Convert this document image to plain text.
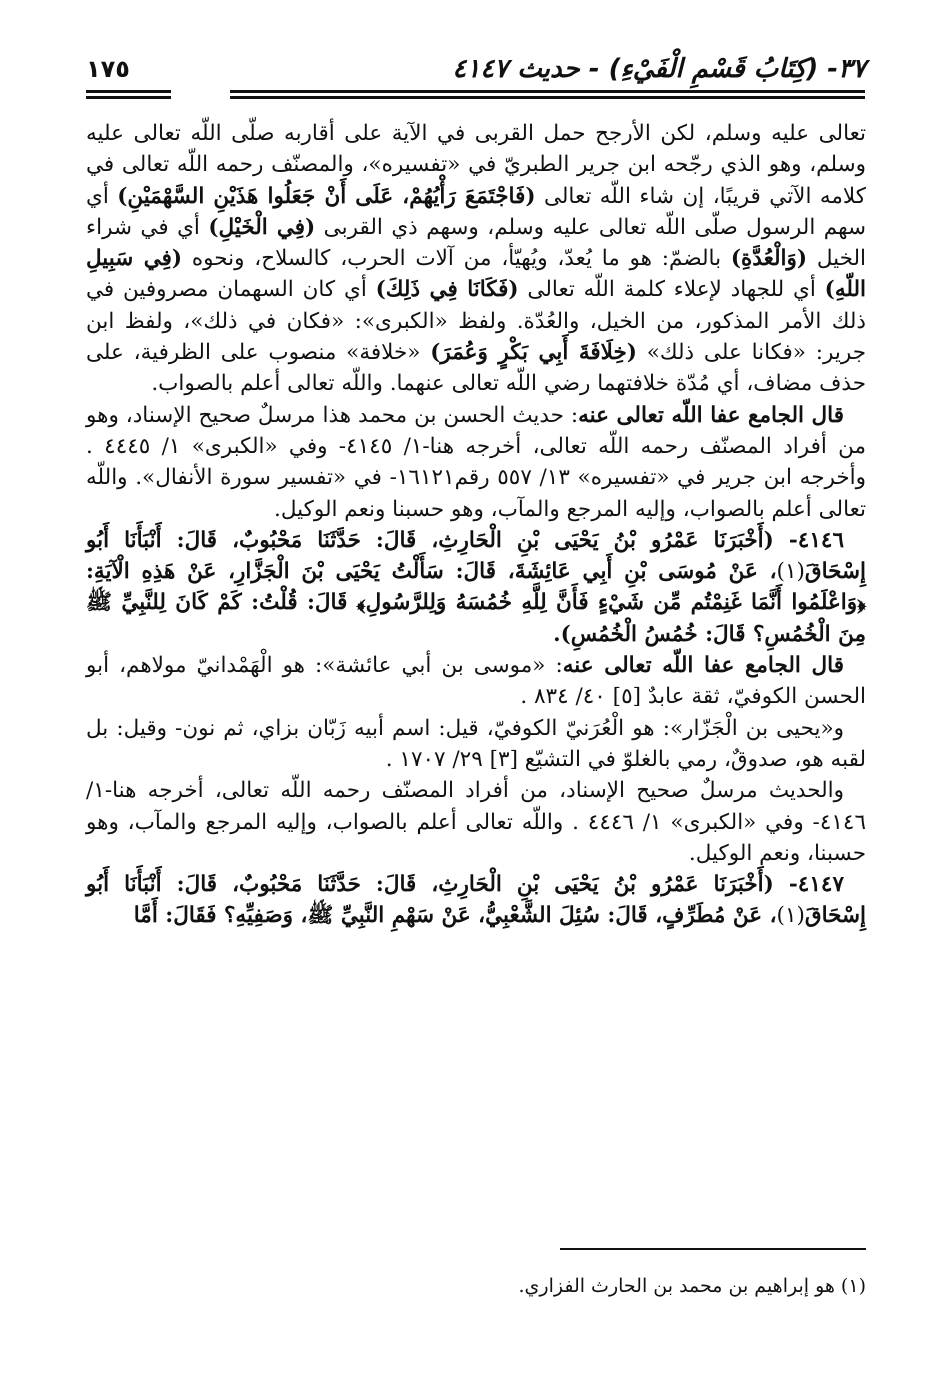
٣٧- (كِتَابُ قَسْمِ الْفَيْءِ) - حديث ٤١٤٧
١٧٥

تعالى عليه وسلم، لكن الأرجح حمل القربى في الآية على أقاربه صلّى اللّه تعالى عليه وسلم، وهو الذي رجّحه ابن جرير الطبريّ في «تفسيره»، والمصنّف رحمه اللّه تعالى في كلامه الآتي قريبًا، إن شاء اللّه تعالى (فَاجْتَمَعَ رَأْيُهُمْ، عَلَى أَنْ جَعَلُوا هَذَيْنِ السَّهْمَيْنِ) أي سهم الرسول صلّى اللّه تعالى عليه وسلم، وسهم ذي القربى (فِي الْخَيْلِ) أي في شراء الخيل (وَالْعُدَّةِ) بالضمّ: هو ما يُعدّ، ويُهيّأ، من آلات الحرب، كالسلاح، ونحوه (فِي سَبِيلِ اللّهِ) أي للجهاد لإعلاء كلمة اللّه تعالى (فَكَانَا فِي ذَلِكَ) أي كان السهمان مصروفين في ذلك الأمر المذكور، من الخيل، والعُدّة. ولفظ «الكبرى»: «فكان في ذلك»، ولفظ ابن جرير: «فكانا على ذلك» (خِلَافَةَ أَبِي بَكْرٍ وَعُمَرَ) «خلافة» منصوب على الظرفية، على حذف مضاف، أي مُدّة خلافتهما رضي اللّه تعالى عنهما. واللّه تعالى أعلم بالصواب.

قال الجامع عفا اللّه تعالى عنه: حديث الحسن بن محمد هذا مرسلٌ صحيح الإسناد، وهو من أفراد المصنّف رحمه اللّه تعالى، أخرجه هنا-١/ ٤١٤٥- وفي «الكبرى» ١/ ٤٤٤٥ . وأخرجه ابن جرير في «تفسيره» ١٣/ ٥٥٧ رقم١٦١٢١- في «تفسير سورة الأنفال». واللّه تعالى أعلم بالصواب، وإليه المرجع والمآب، وهو حسبنا ونعم الوكيل.

٤١٤٦- (أَخْبَرَنَا عَمْرُو بْنُ يَحْيَى بْنِ الْحَارِثِ، قَالَ: حَدَّثَنَا مَحْبُوبٌ، قَالَ: أَنْبَأَنَا أَبُو إِسْحَاقَ(١)، عَنْ مُوسَى بْنِ أَبِي عَائِشَةَ، قَالَ: سَأَلْتُ يَحْيَى بْنَ الْجَزَّارِ، عَنْ هَذِهِ الْآيَةِ: ﴿وَاعْلَمُوا أَنَّمَا غَنِمْتُم مِّن شَيْءٍ فَأَنَّ لِلَّهِ خُمُسَهُ وَلِلرَّسُولِ﴾ قَالَ: قُلْتُ: كَمْ كَانَ لِلنَّبِيِّ ﷺ مِنَ الْخُمُسِ؟ قَالَ: خُمُسُ الْخُمُسِ).

قال الجامع عفا اللّه تعالى عنه: «موسى بن أبي عائشة»: هو الْهَمْدانيّ مولاهم، أبو الحسن الكوفيّ، ثقة عابدٌ [٥] ٤٠/ ٨٣٤ .

و«يحيى بن الْجَزّار»: هو الْعُرَنيّ الكوفيّ، قيل: اسم أبيه زَبّان بزاي، ثم نون- وقيل: بل لقبه هو، صدوقٌ، رمي بالغلوّ في التشيّع [٣] ٢٩/ ١٧٠٧ .

والحديث مرسلٌ صحيح الإسناد، من أفراد المصنّف رحمه اللّه تعالى، أخرجه هنا-١/ ٤١٤٦- وفي «الكبرى» ١/ ٤٤٤٦ . واللّه تعالى أعلم بالصواب، وإليه المرجع والمآب، وهو حسبنا، ونعم الوكيل.

٤١٤٧- (أَخْبَرَنَا عَمْرُو بْنُ يَحْيَى بْنِ الْحَارِثِ، قَالَ: حَدَّثَنَا مَحْبُوبٌ، قَالَ: أَنْبَأَنَا أَبُو إِسْحَاقَ(١)، عَنْ مُطَرِّفٍ، قَالَ: سُئِلَ الشَّعْبِيُّ، عَنْ سَهْمِ النَّبِيِّ ﷺ، وَصَفِيِّهِ؟ فَقَالَ: أَمَّا

(١) هو إبراهيم بن محمد بن الحارث الفزاري.
